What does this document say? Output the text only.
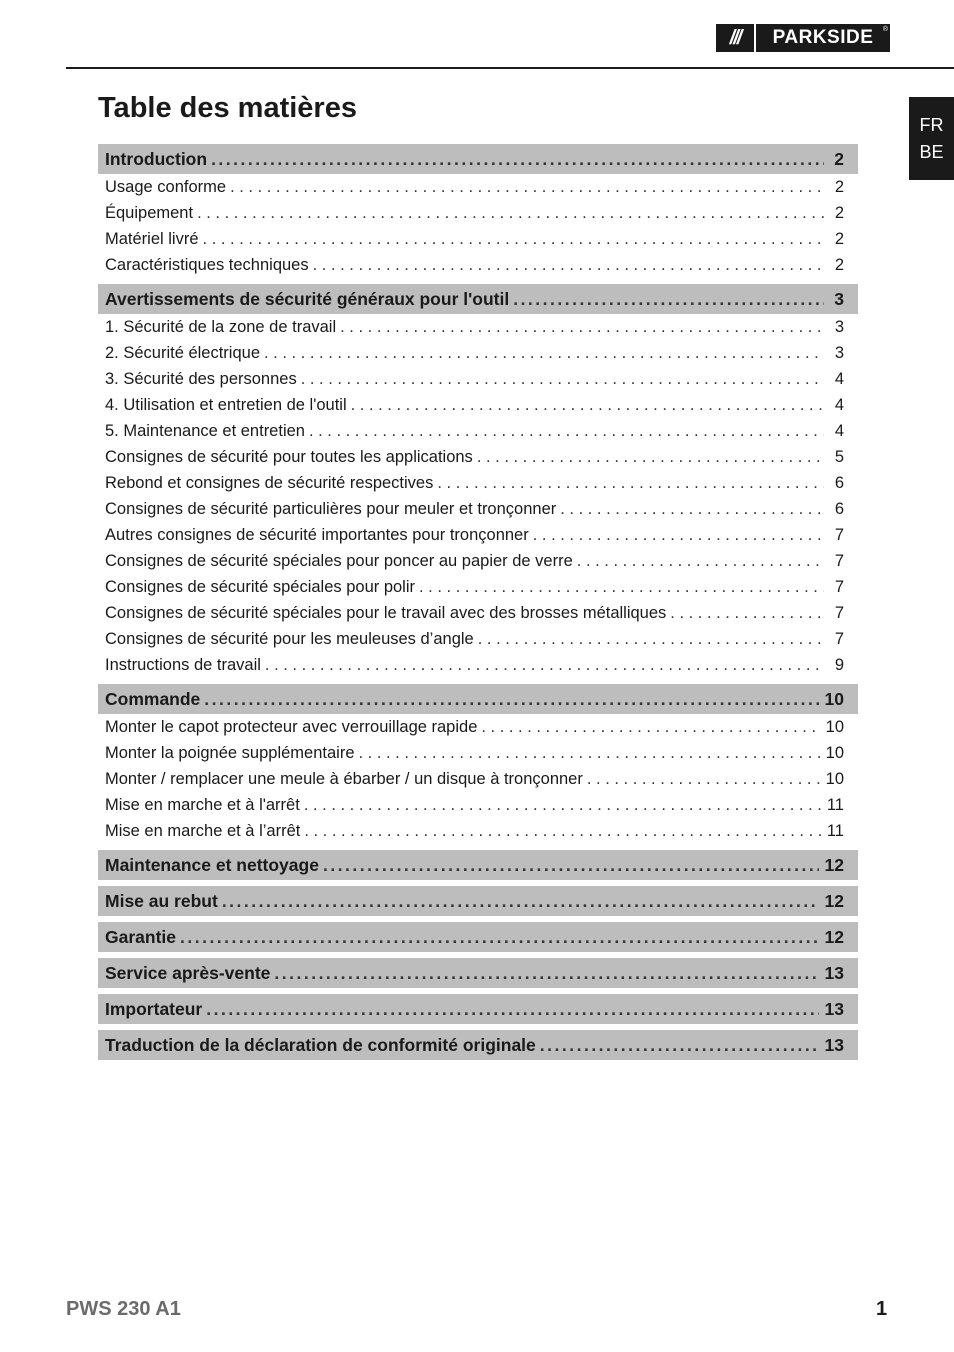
///	PARKSIDE	®
FR
BE
Table des matières
Introduction .....	2
Usage conforme . . .	2
Équipement . . .	2
Matériel livré . . .	2
Caractéristiques techniques . . .	2
Avertissements de sécurité généraux pour l'outil .....	3
1. Sécurité de la zone de travail . . .	3
2. Sécurité électrique . . .	3
3. Sécurité des personnes . . .	4
4. Utilisation et entretien de l'outil . . .	4
5. Maintenance et entretien . . .	4
Consignes de sécurité pour toutes les applications . . .	5
Rebond et consignes de sécurité respectives . . .	6
Consignes de sécurité particulières pour meuler et tronçonner . . .	6
Autres consignes de sécurité importantes pour tronçonner . . .	7
Consignes de sécurité spéciales pour poncer au papier de verre . . .	7
Consignes de sécurité spéciales pour polir . . .	7
Consignes de sécurité spéciales pour le travail avec des brosses métalliques . . .	7
Consignes de sécurité pour les meuleuses d’angle . . .	7
Instructions de travail . . .	9
Commande .....	10
Monter le capot protecteur avec verrouillage rapide . . .	10
Monter la poignée supplémentaire . . .	10
Monter / remplacer une meule à ébarber / un disque à tronçonner . . .	10
Mise en marche et à l'arrêt . . .	11
Mise en marche et à l’arrêt . . .	11
Maintenance et nettoyage .....	12
Mise au rebut .....	12
Garantie .....	12
Service après-vente .....	13
Importateur .....	13
Traduction de la déclaration de conformité originale .....	13
PWS 230 A1	1
